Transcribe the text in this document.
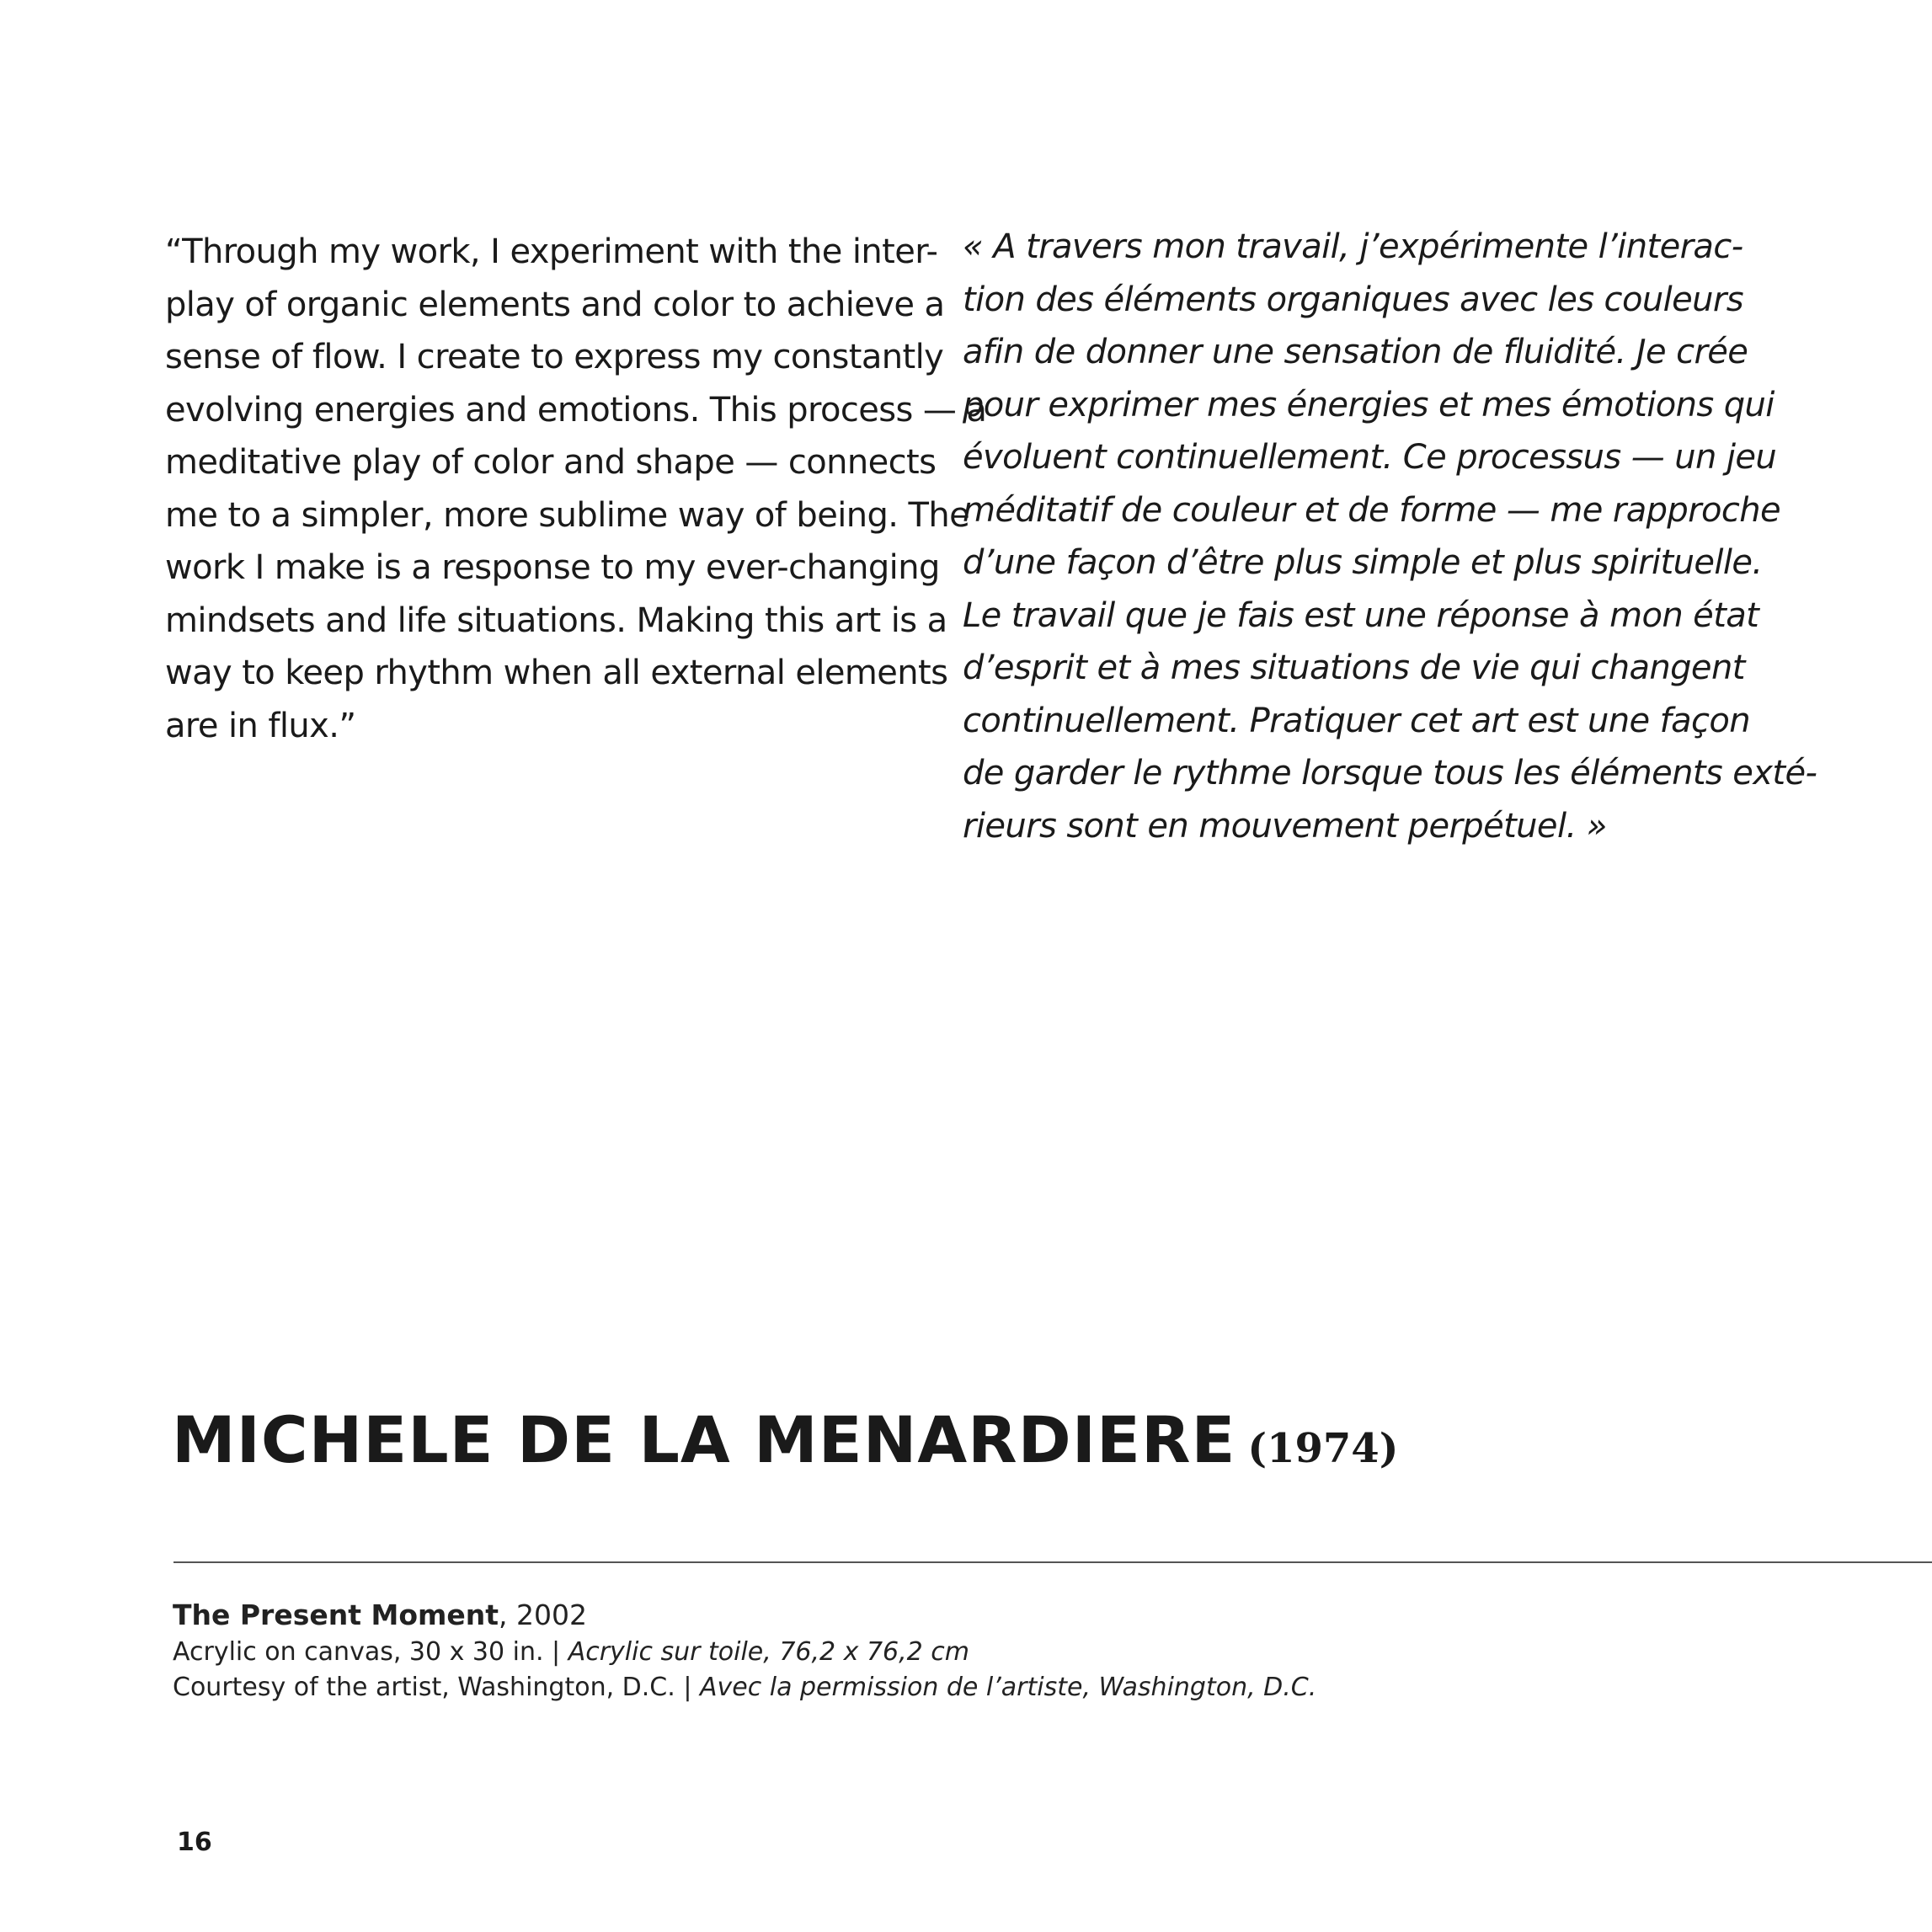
“Through my work, I experiment with the inter-
play of organic elements and color to achieve a
sense of flow. I create to express my constantly
evolving energies and emotions. This process — a
meditative play of color and shape — connects
me to a simpler, more sublime way of being. The
work I make is a response to my ever-changing
mindsets and life situations. Making this art is a
way to keep rhythm when all external elements
are in flux.”
« A travers mon travail, j’expérimente l’interac-
tion des éléments organiques avec les couleurs
afin de donner une sensation de fluidité. Je crée
pour exprimer mes énergies et mes émotions qui
évoluent continuellement. Ce processus — un jeu
méditatif de couleur et de forme — me rapproche
d’une façon d’être plus simple et plus spirituelle.
Le travail que je fais est une réponse à mon état
d’esprit et à mes situations de vie qui changent
continuellement. Pratiquer cet art est une façon
de garder le rythme lorsque tous les éléments exté-
rieurs sont en mouvement perpétuel. »
MICHELE DE LA MENARDIERE (1974)
The Present Moment, 2002
Acrylic on canvas, 30 x 30 in. | Acrylic sur toile, 76,2 x 76,2 cm
Courtesy of the artist, Washington, D.C. | Avec la permission de l’artiste, Washington, D.C.
16
